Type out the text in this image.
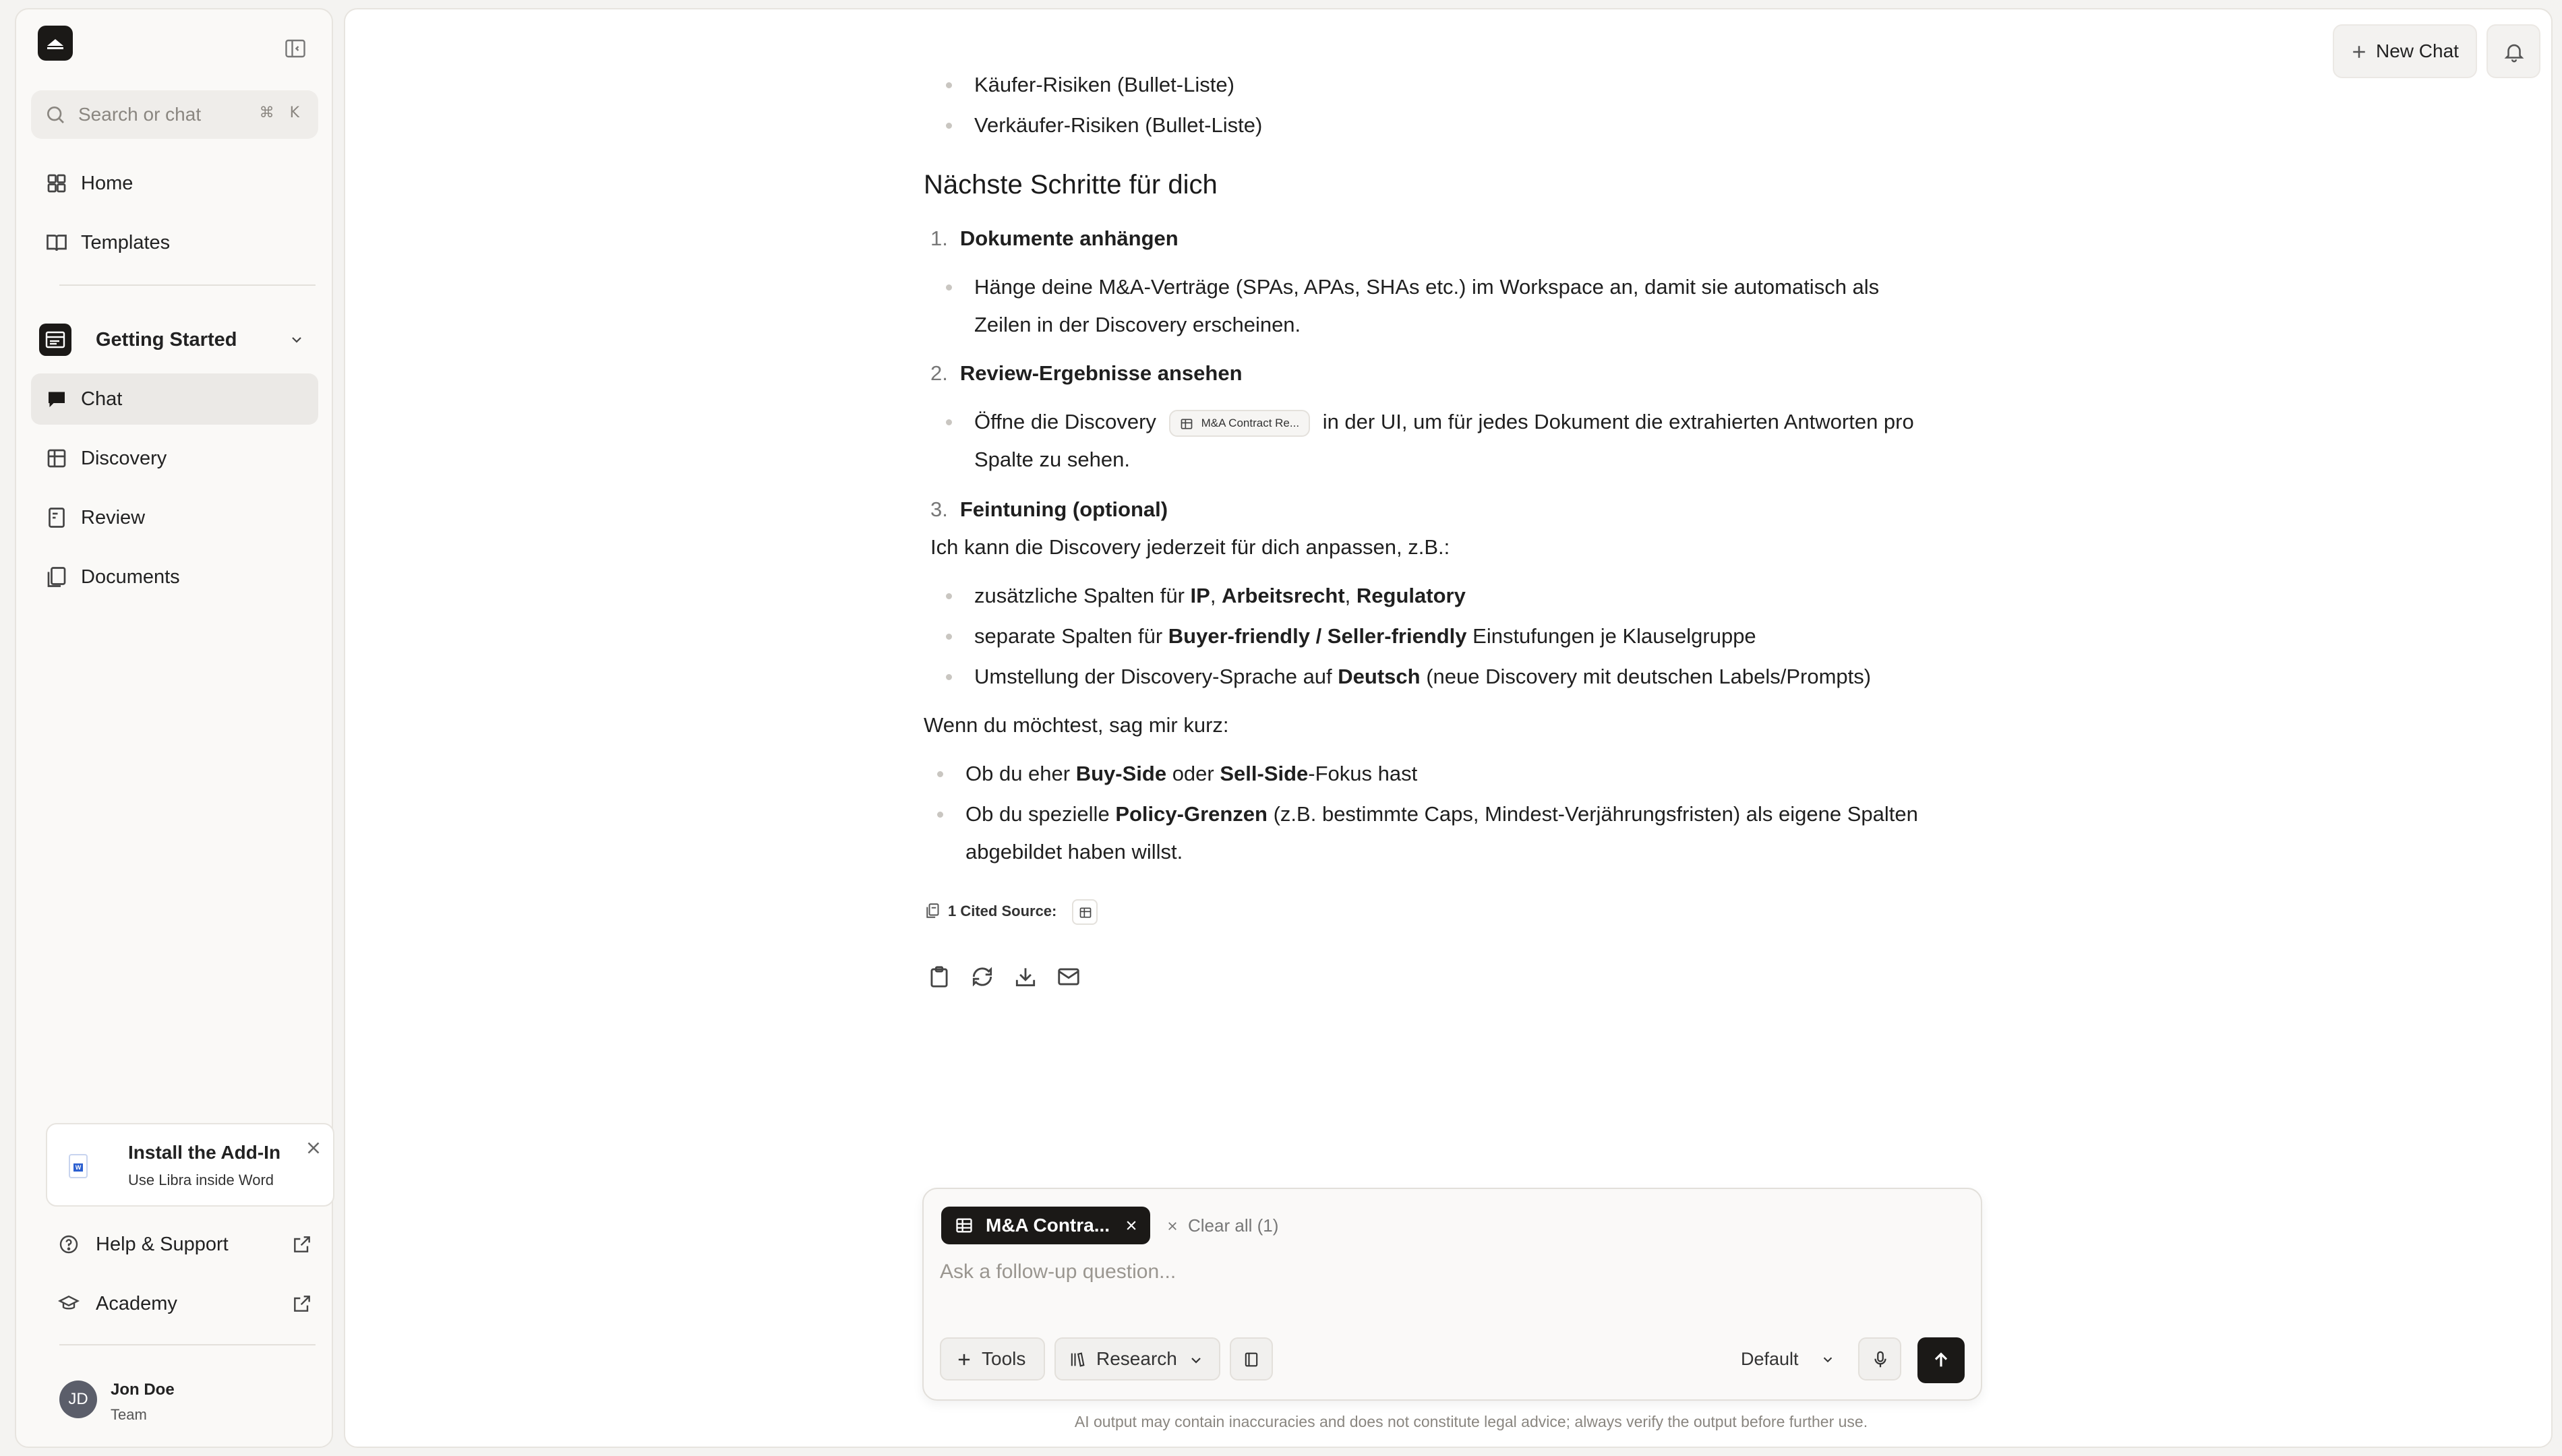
Search or chat
⌘ K
Home
Templates
Getting Started
Chat
Discovery
Review
Documents
W
Install the Add-In
Use Libra inside Word
Help & Support
Academy
JD
Jon Doe
Team
New Chat
Käufer-Risiken (Bullet-Liste)
Verkäufer-Risiken (Bullet-Liste)
Nächste Schritte für dich
1. Dokumente anhängen
Hänge deine M&A-Verträge (SPAs, APAs, SHAs etc.) im Workspace an, damit sie automatisch als
Zeilen in der Discovery erscheinen.
2. Review-Ergebnisse ansehen
Öffne die Discovery	M&A Contract Re... in der UI, um für jedes Dokument die extrahierten Antworten pro
Spalte zu sehen.
3. Feintuning (optional)
Ich kann die Discovery jederzeit für dich anpassen, z.B.:
zusätzliche Spalten für IP, Arbeitsrecht, Regulatory
separate Spalten für Buyer-friendly / Seller-friendly Einstufungen je Klauselgruppe
Umstellung der Discovery-Sprache auf Deutsch (neue Discovery mit deutschen Labels/Prompts)
Wenn du möchtest, sag mir kurz:
Ob du eher Buy-Side oder Sell-Side-Fokus hast
Ob du spezielle Policy-Grenzen (z.B. bestimmte Caps, Mindest-Verjährungsfristen) als eigene Spalten
abgebildet haben willst.
1 Cited Source:
M&A Contra...	Clear all (1)
Ask a follow-up question...
Tools	Research	Default
AI output may contain inaccuracies and does not constitute legal advice; always verify the output before further use.
